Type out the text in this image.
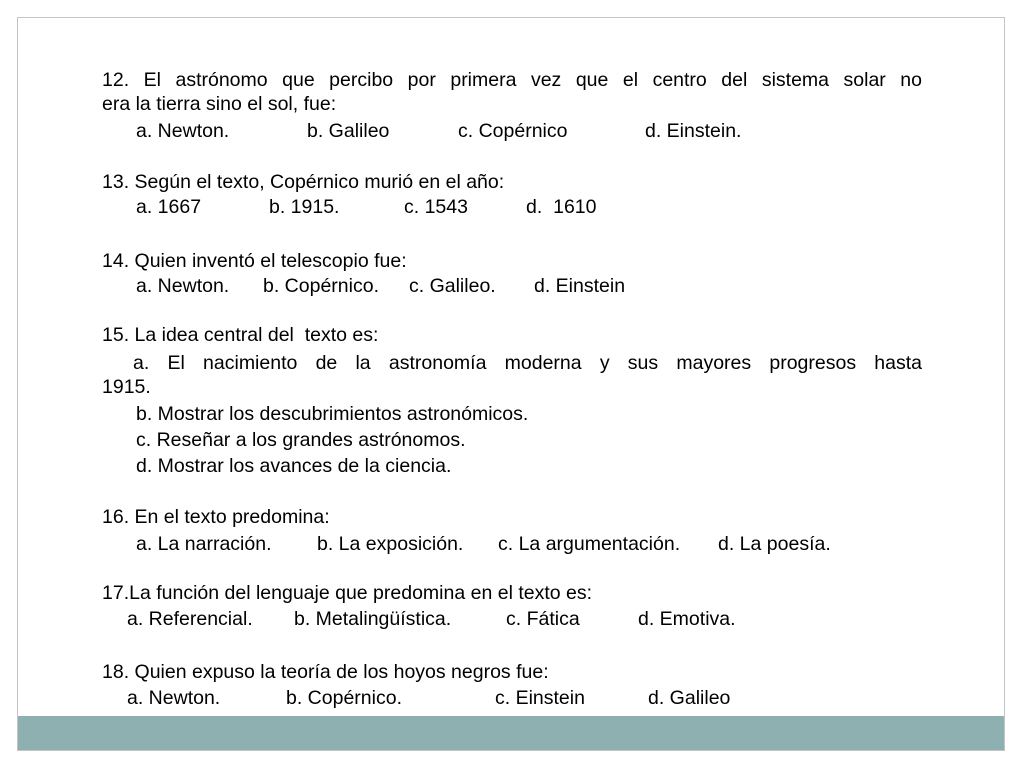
12. El astrónomo que percibo por primera vez que el centro del sistema solar no
era la tierra sino el sol, fue:
a. Newton.	b. Galileo	c. Copérnico	d. Einstein.
13. Según el texto, Copérnico murió en el año:
a. 1667	b. 1915.	c. 1543	d.  1610
14. Quien inventó el telescopio fue:
a. Newton. b. Copérnico. c. Galileo. d. Einstein
15. La idea central del  texto es:
a. El nacimiento de la astronomía moderna y sus mayores progresos hasta
1915.
b. Mostrar los descubrimientos astronómicos.
c. Reseñar a los grandes astrónomos.
d. Mostrar los avances de la ciencia.
16. En el texto predomina:
a. La narración. b. La exposición. c. La argumentación. d. La poesía.
17.La función del lenguaje que predomina en el texto es:
a. Referencial. b. Metalingüística.	c. Fática	d. Emotiva.
18. Quien expuso la teoría de los hoyos negros fue:
a. Newton.	b. Copérnico.	c. Einstein	d. Galileo
